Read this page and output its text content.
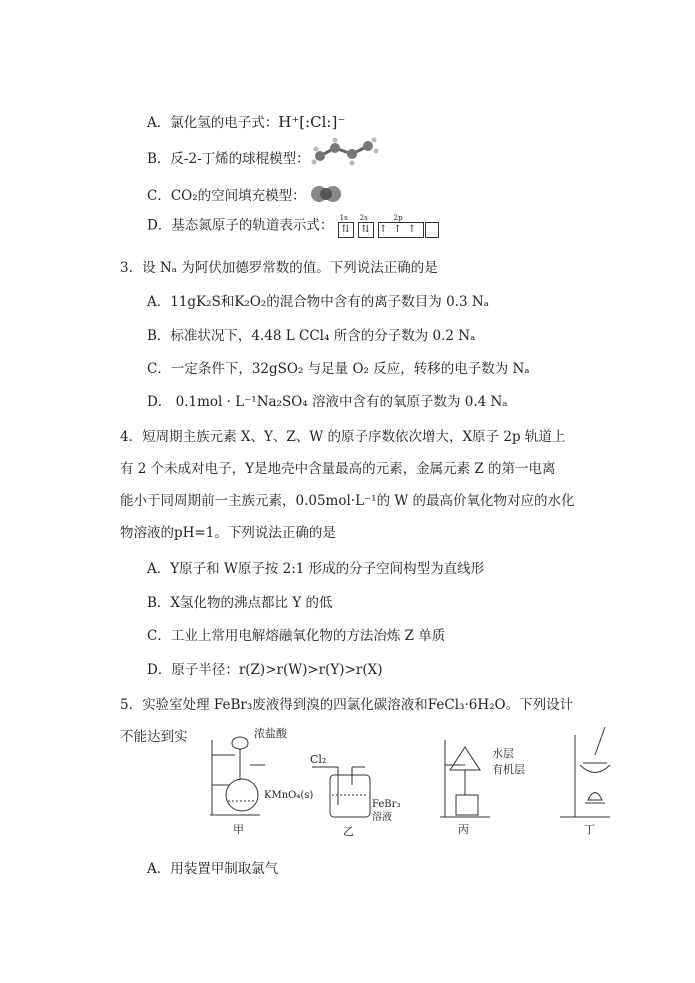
A．氯化氢的电子式：H⁺[:Cl:]⁻
B．反-2-丁烯的球棍模型：
C．CO₂的空间填充模型：
D．基态氮原子的轨道表示式： 1s
⇅
2s
⇅
2p
↑↑↑
3．设 Nₐ 为阿伏加德罗常数的值。下列说法正确的是
A．11gK₂S和K₂O₂的混合物中含有的离子数目为 0.3 Nₐ
B．标准状况下，4.48 L CCl₄ 所含的分子数为 0.2 Nₐ
C．一定条件下，32gSO₂ 与足量 O₂ 反应，转移的电子数为 Nₐ
D． 0.1mol · L⁻¹Na₂SO₄ 溶液中含有的氧原子数为 0.4 Nₐ
4．短周期主族元素 X、Y、Z、W 的原子序数依次增大，X原子 2p 轨道上
有 2 个未成对电子，Y是地壳中含量最高的元素，金属元素 Z 的第一电离
能小于同周期前一主族元素，0.05mol·L⁻¹的 W 的最高价氧化物对应的水化
物溶液的pH=1。下列说法正确的是
A．Y原子和 W原子按 2:1 形成的分子空间构型为直线形
B．X氢化物的沸点都比 Y 的低
C．工业上常用电解熔融氧化物的方法冶炼 Z 单质
D．原子半径：r(Z)>r(W)>r(Y)>r(X)
5．实验室处理 FeBr₃废液得到溴的四氯化碳溶液和FeCl₃·6H₂O。下列设计
不能达到实	浓盐酸
KMnO₄(s)
甲
Cl₂
FeBr₃
溶液
乙
水层
有机层
丙	丁
A．用装置甲制取氯气
